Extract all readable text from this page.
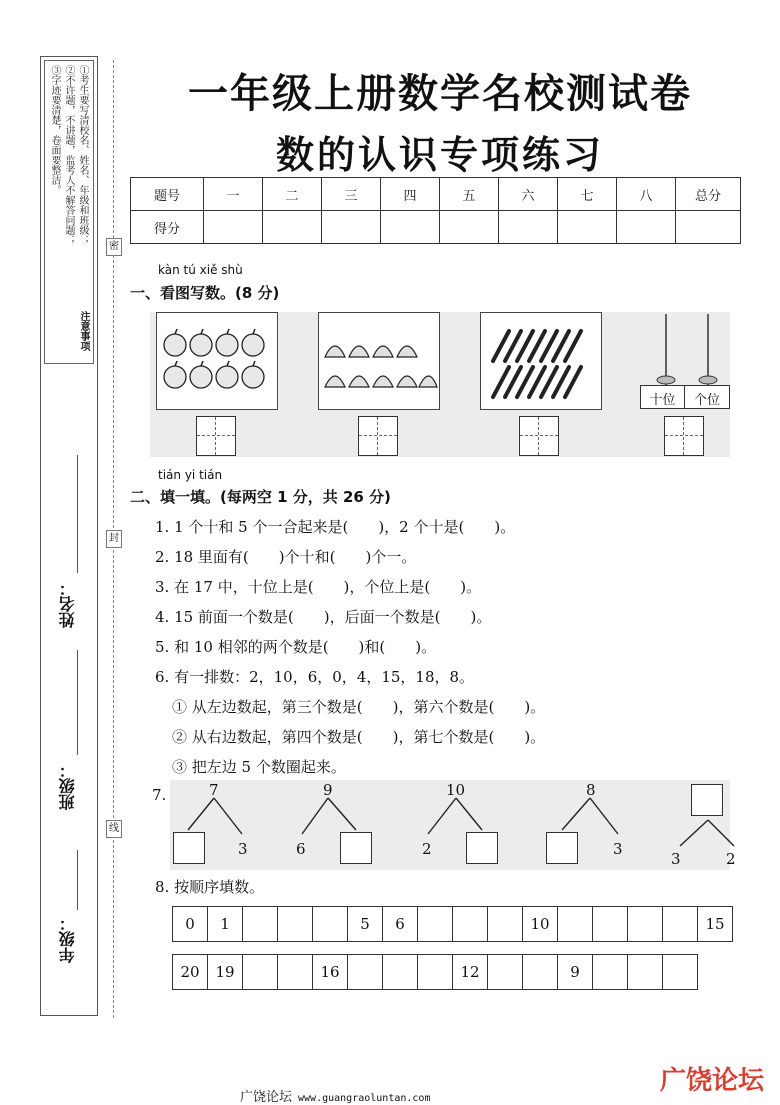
①考生要写清校名、姓名、年级和班级；
②不许题，不讲题，监考人不解答问题；
③字迹要清楚，卷面要整洁。
注意事项
年级：
班级：
姓名：
密
封
线
一年级上册数学名校测试卷
数的认识专项练习
题号	一	二	三	四	五	六	七	八	总分
得分									
kàn tú xiě shù
一、看图写数。(8 分)
十位	个位
tián yi tián
二、填一填。(每两空 1 分，共 26 分)
1. 1 个十和 5 个一合起来是(　　)，2 个十是(　　)。
2. 18 里面有(　　)个十和(　　)个一。
3. 在 17 中，十位上是(　　)，个位上是(　　)。
4. 15 前面一个数是(　　)，后面一个数是(　　)。
5. 和 10 相邻的两个数是(　　)和(　　)。
6. 有一排数：2，10，6，0，4，15，18，8。
① 从左边数起，第三个数是(　　)，第六个数是(　　)。
② 从右边数起，第四个数是(　　)，第七个数是(　　)。
③ 把左边 5 个数圈起来。
7.	7
3
9
6
10
2
8
3
3	2
8. 按顺序填数。
0	1				5	6				10					15
20	19			16				12			9			
广饶论坛 www.guangraoluntan.com
广饶论坛
